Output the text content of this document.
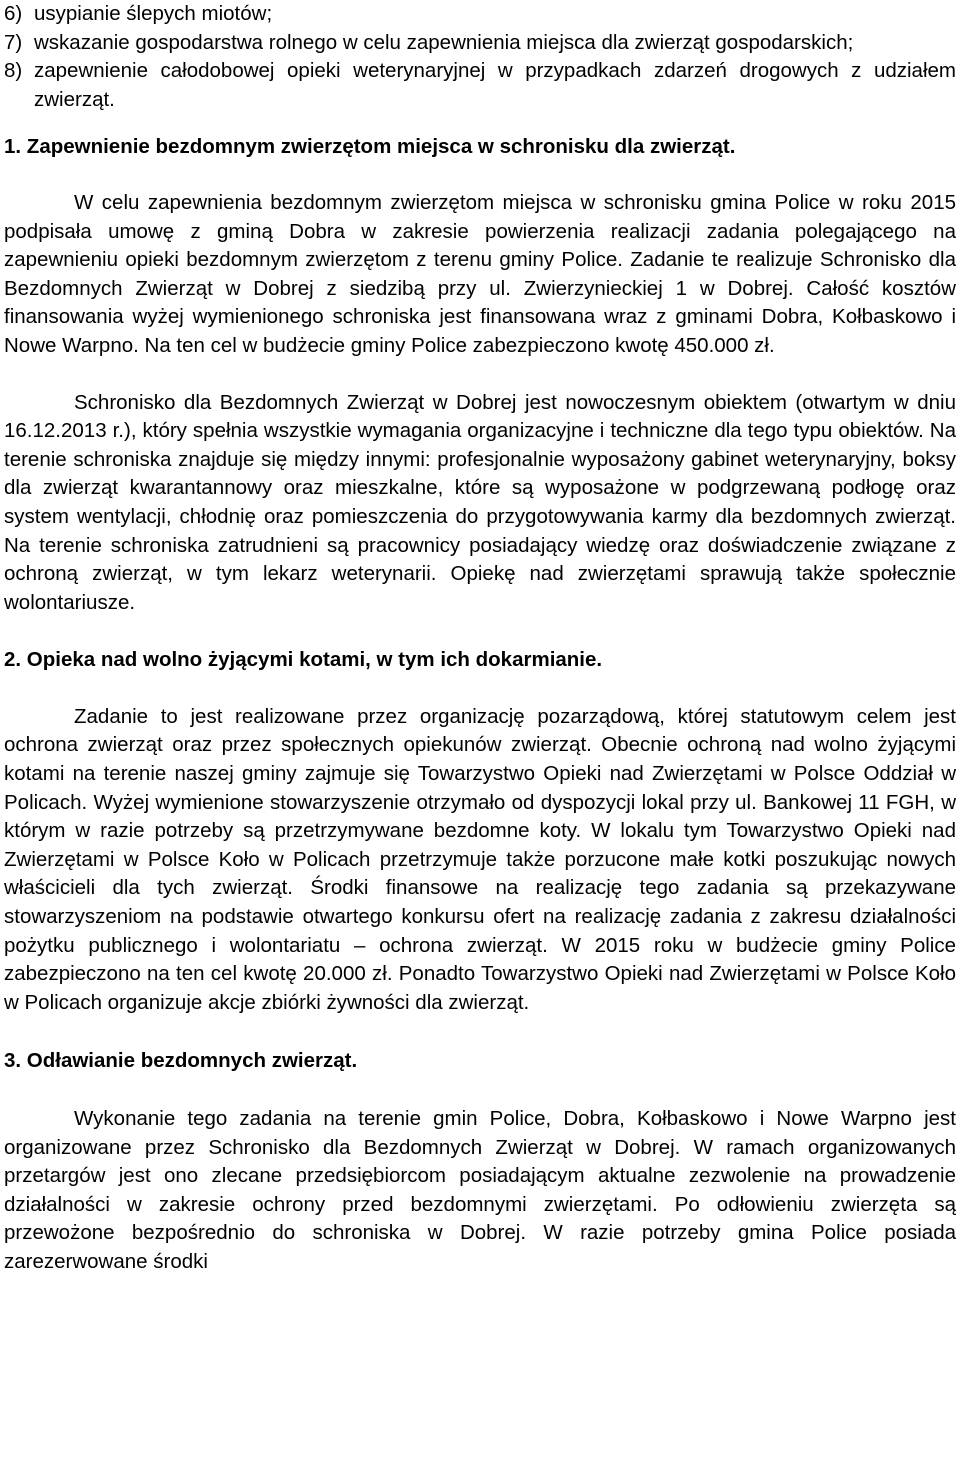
6) usypianie ślepych miotów;
7) wskazanie gospodarstwa rolnego w celu zapewnienia miejsca dla zwierząt gospodarskich;
8) zapewnienie całodobowej opieki weterynaryjnej w przypadkach zdarzeń drogowych z udziałem zwierząt.
1. Zapewnienie bezdomnym zwierzętom miejsca w schronisku dla zwierząt.

W celu zapewnienia bezdomnym zwierzętom miejsca w schronisku gmina Police w roku 2015 podpisała umowę z gminą Dobra w zakresie powierzenia realizacji zadania polegającego na zapewnieniu opieki bezdomnym zwierzętom z terenu gminy Police. Zadanie te realizuje Schronisko dla Bezdomnych Zwierząt w Dobrej z siedzibą przy ul. Zwierzynieckiej 1 w Dobrej. Całość kosztów finansowania wyżej wymienionego schroniska jest finansowana wraz z gminami Dobra, Kołbaskowo i Nowe Warpno. Na ten cel w budżecie gminy Police zabezpieczono kwotę 450.000 zł.

Schronisko dla Bezdomnych Zwierząt w Dobrej jest nowoczesnym obiektem (otwartym w dniu 16.12.2013 r.), który spełnia wszystkie wymagania organizacyjne i techniczne dla tego typu obiektów. Na terenie schroniska znajduje się między innymi: profesjonalnie wyposażony gabinet weterynaryjny, boksy dla zwierząt kwarantannowy oraz mieszkalne, które są wyposażone w podgrzewaną podłogę oraz system wentylacji, chłodnię oraz pomieszczenia do przygotowywania karmy dla bezdomnych zwierząt. Na terenie schroniska zatrudnieni są pracownicy posiadający wiedzę oraz doświadczenie związane z ochroną zwierząt, w tym lekarz weterynarii. Opiekę nad zwierzętami sprawują także społecznie wolontariusze.

2. Opieka nad wolno żyjącymi kotami, w tym ich dokarmianie.

Zadanie to jest realizowane przez organizację pozarządową, której statutowym celem jest ochrona zwierząt oraz przez społecznych opiekunów zwierząt. Obecnie ochroną nad wolno żyjącymi kotami na terenie naszej gminy zajmuje się Towarzystwo Opieki nad Zwierzętami w Polsce Oddział w Policach. Wyżej wymienione stowarzyszenie otrzymało od dyspozycji lokal przy ul. Bankowej 11 FGH, w którym w razie potrzeby są przetrzymywane bezdomne koty. W lokalu tym Towarzystwo Opieki nad Zwierzętami w Polsce Koło w Policach przetrzymuje także porzucone małe kotki poszukując nowych właścicieli dla tych zwierząt. Środki finansowe na realizację tego zadania są przekazywane stowarzyszeniom na podstawie otwartego konkursu ofert na realizację zadania z zakresu działalności pożytku publicznego i wolontariatu – ochrona zwierząt. W 2015 roku w budżecie gminy Police zabezpieczono na ten cel kwotę 20.000 zł. Ponadto Towarzystwo Opieki nad Zwierzętami w Polsce Koło w Policach organizuje akcje zbiórki żywności dla zwierząt.

3. Odławianie bezdomnych zwierząt.

Wykonanie tego zadania na terenie gmin Police, Dobra, Kołbaskowo i Nowe Warpno jest organizowane przez Schronisko dla Bezdomnych Zwierząt w Dobrej. W ramach organizowanych przetargów jest ono zlecane przedsiębiorcom posiadającym aktualne zezwolenie na prowadzenie działalności w zakresie ochrony przed bezdomnymi zwierzętami. Po odłowieniu zwierzęta są przewożone bezpośrednio do schroniska w Dobrej. W razie potrzeby gmina Police posiada zarezerwowane środki
